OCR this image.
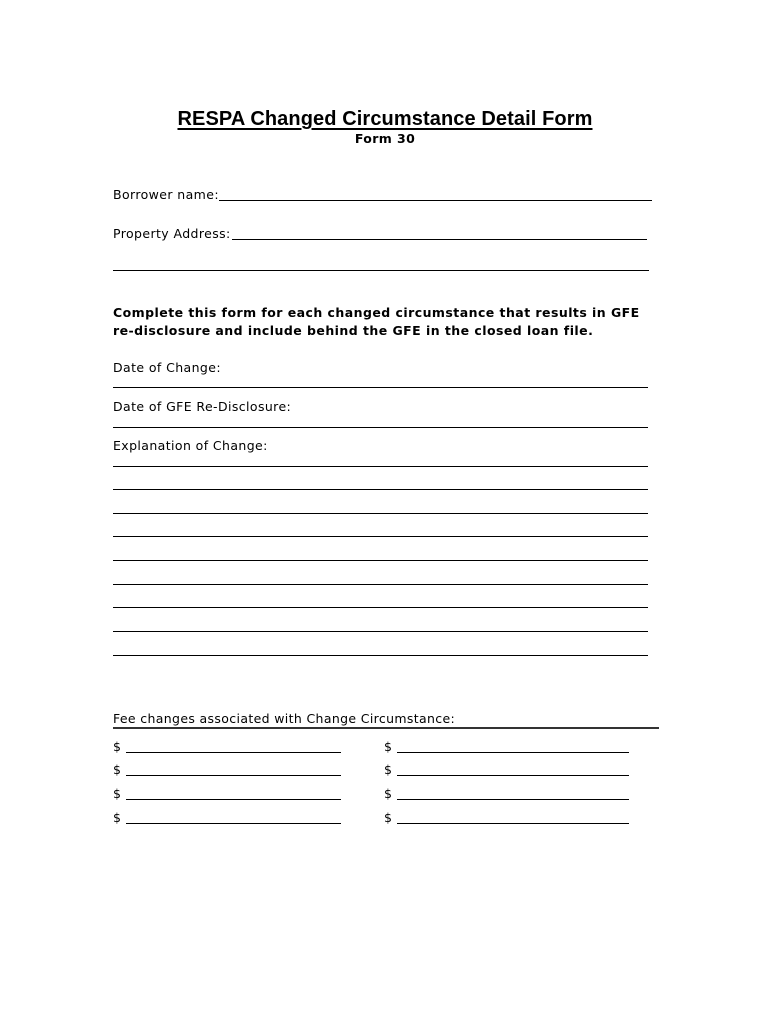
RESPA Changed Circumstance Detail Form
Form 30
Borrower name:
Property Address:
Complete this form for each changed circumstance that results in GFE re-disclosure and include behind the GFE in the closed loan file.
Date of Change:
Date of GFE Re-Disclosure:
Explanation of Change:
Fee changes associated with Change Circumstance:
$	$
$	$
$	$
$	$
